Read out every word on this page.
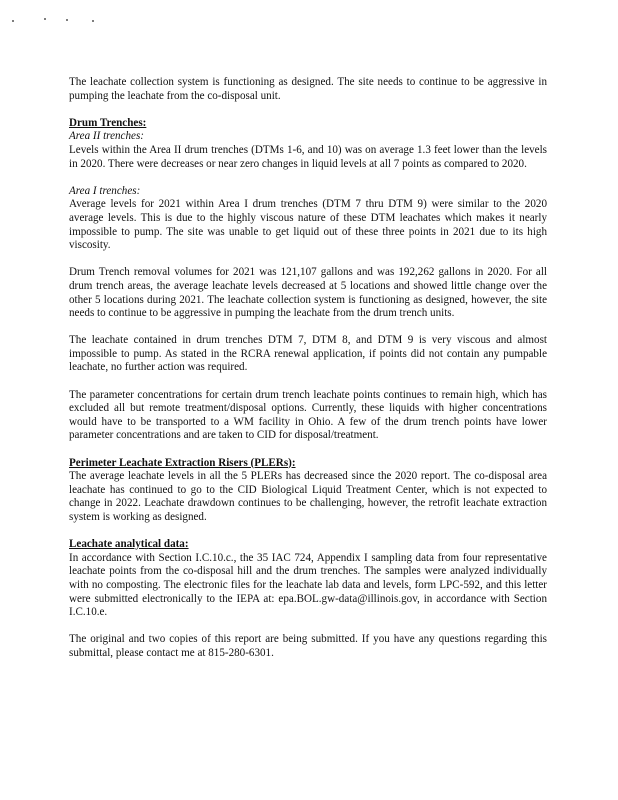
The leachate collection system is functioning as designed. The site needs to continue to be aggressive in pumping the leachate from the co-disposal unit.

Drum Trenches:

Area II trenches:

Levels within the Area II drum trenches (DTMs 1-6, and 10) was on average 1.3 feet lower than the levels in 2020. There were decreases or near zero changes in liquid levels at all 7 points as compared to 2020.

Area I trenches:

Average levels for 2021 within Area I drum trenches (DTM 7 thru DTM 9) were similar to the 2020 average levels. This is due to the highly viscous nature of these DTM leachates which makes it nearly impossible to pump. The site was unable to get liquid out of these three points in 2021 due to its high viscosity.

Drum Trench removal volumes for 2021 was 121,107 gallons and was 192,262 gallons in 2020. For all drum trench areas, the average leachate levels decreased at 5 locations and showed little change over the other 5 locations during 2021. The leachate collection system is functioning as designed, however, the site needs to continue to be aggressive in pumping the leachate from the drum trench units.

The leachate contained in drum trenches DTM 7, DTM 8, and DTM 9 is very viscous and almost impossible to pump. As stated in the RCRA renewal application, if points did not contain any pumpable leachate, no further action was required.

The parameter concentrations for certain drum trench leachate points continues to remain high, which has excluded all but remote treatment/disposal options. Currently, these liquids with higher concentrations would have to be transported to a WM facility in Ohio. A few of the drum trench points have lower parameter concentrations and are taken to CID for disposal/treatment.

Perimeter Leachate Extraction Risers (PLERs):

The average leachate levels in all the 5 PLERs has decreased since the 2020 report. The co-disposal area leachate has continued to go to the CID Biological Liquid Treatment Center, which is not expected to change in 2022. Leachate drawdown continues to be challenging, however, the retrofit leachate extraction system is working as designed.

Leachate analytical data:

In accordance with Section I.C.10.c., the 35 IAC 724, Appendix I sampling data from four representative leachate points from the co-disposal hill and the drum trenches. The samples were analyzed individually with no composting. The electronic files for the leachate lab data and levels, form LPC-592, and this letter were submitted electronically to the IEPA at: epa.BOL.gw-data@illinois.gov, in accordance with Section I.C.10.e.

The original and two copies of this report are being submitted. If you have any questions regarding this submittal, please contact me at 815-280-6301.
